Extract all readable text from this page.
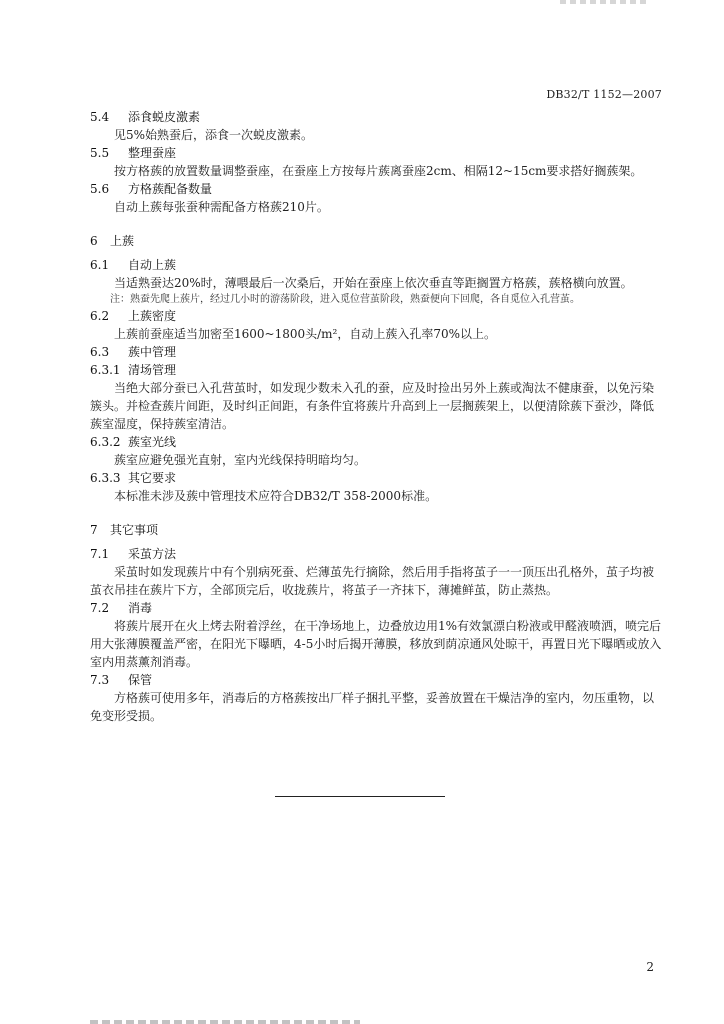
DB32/T 1152—2007

5.4 添食蜕皮激素

见5%始熟蚕后，添食一次蜕皮激素。

5.5 整理蚕座

按方格蔟的放置数量调整蚕座，在蚕座上方按每片蔟离蚕座2cm、相隔12~15cm要求搭好搁蔟架。

5.6 方格蔟配备数量

自动上蔟每张蚕种需配备方格蔟210片。

6 上蔟

6.1 自动上蔟

当适熟蚕达20%时，薄喂最后一次桑后，开始在蚕座上依次垂直等距搁置方格蔟，蔟格横向放置。

注：熟蚕先爬上蔟片，经过几小时的游荡阶段，进入觅位营茧阶段，熟蚕便向下回爬，各自觅位入孔营茧。

6.2 上蔟密度

上蔟前蚕座适当加密至1600~1800头/m²，自动上蔟入孔率70%以上。

6.3 蔟中管理

6.3.1 清场管理

当绝大部分蚕已入孔营茧时，如发现少数未入孔的蚕，应及时捡出另外上蔟或淘汰不健康蚕，以免污染簇头。并检查蔟片间距，及时纠正间距，有条件宜将蔟片升高到上一层搁蔟架上，以便清除蔟下蚕沙，降低蔟室湿度，保持蔟室清洁。

6.3.2 蔟室光线

蔟室应避免强光直射，室内光线保持明暗均匀。

6.3.3 其它要求

本标准未涉及蔟中管理技术应符合DB32/T 358-2000标准。

7 其它事项

7.1 采茧方法

采茧时如发现蔟片中有个别病死蚕、烂薄茧先行摘除，然后用手指将茧子一一顶压出孔格外，茧子均被茧衣吊挂在蔟片下方，全部顶完后，收拢蔟片，将茧子一齐抹下，薄摊鲜茧，防止蒸热。

7.2 消毒

将蔟片展开在火上烤去附着浮丝，在干净场地上，边叠放边用1%有效氯漂白粉液或甲醛液喷洒，喷完后用大张薄膜覆盖严密，在阳光下曝晒，4-5小时后揭开薄膜，移放到荫凉通风处晾干，再置日光下曝晒或放入室内用蒸薰剂消毒。

7.3 保管

方格蔟可使用多年，消毒后的方格蔟按出厂样子捆扎平整，妥善放置在干燥洁净的室内，勿压重物，以免变形受损。

2
